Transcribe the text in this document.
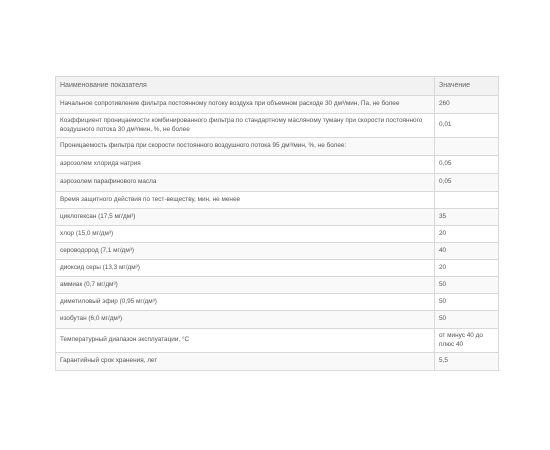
Наименование показателя	Значение
Начальное сопротивление фильтра постоянному потоку воздуха при объемном расходе 30 дм³/мин, Па, не более	260
Коэффициент проницаемости комбинированного фильтра по стандартному масляному туману при скорости постоянного воздушного потока 30 дм³/мин, %, не более	0,01
Проницаемость фильтра при скорости постоянного воздушного потока 95 дм³/мин, %, не более:	
аэрозолем хлорида натрия	0,05
аэрозолем парафинового масла	0,05
Время защитного действия по тест-веществу, мин, не менее	
циклогексан (17,5 мг/дм³)	35
хлор (15,0 мг/дм³)	20
сероводород (7,1 мг/дм³)	40
диоксид серы (13,3 мг/дм³)	20
аммиак (0,7 мг/дм³)	50
диметиловый эфир (0,95 мг/дм³)	50
изобутан (6,0 мг/дм³)	50
Температурный диапазон эксплуатации, °С	от минус 40 до плюс 40
Гарантийный срок хранения, лет	5,5
